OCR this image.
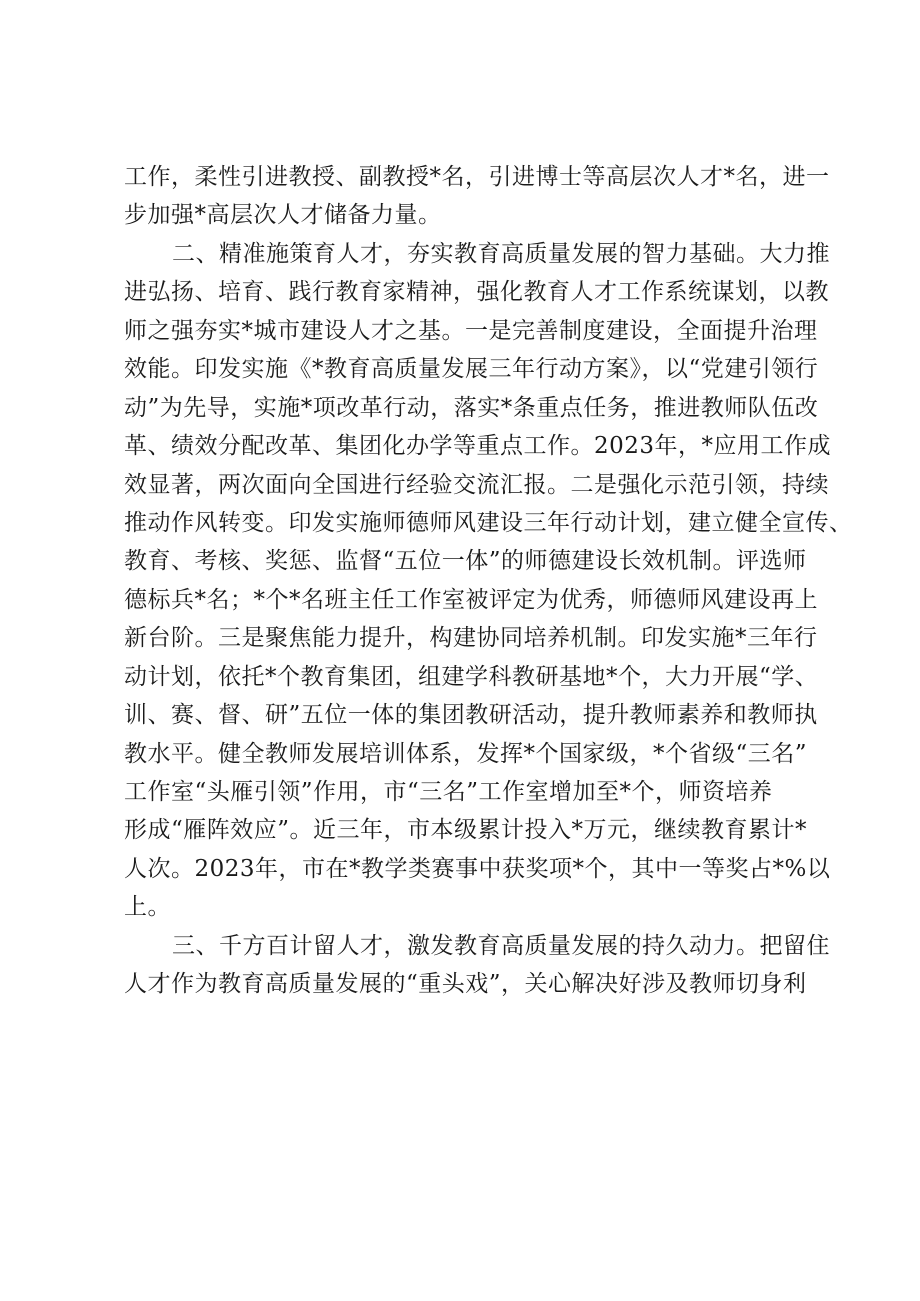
工作，柔性引进教授、副教授*名，引进博士等高层次人才*名，进一
步加强*高层次人才储备力量。
二、精准施策育人才，夯实教育高质量发展的智力基础。大力推
进弘扬、培育、践行教育家精神，强化教育人才工作系统谋划，以教
师之强夯实*城市建设人才之基。一是完善制度建设，全面提升治理
效能。印发实施《*教育高质量发展三年行动方案》，以“党建引领行
动”为先导，实施*项改革行动，落实*条重点任务，推进教师队伍改
革、绩效分配改革、集团化办学等重点工作。2023年，*应用工作成
效显著，两次面向全国进行经验交流汇报。二是强化示范引领，持续
推动作风转变。印发实施师德师风建设三年行动计划，建立健全宣传、
教育、考核、奖惩、监督“五位一体”的师德建设长效机制。评选师
德标兵*名；*个*名班主任工作室被评定为优秀，师德师风建设再上
新台阶。三是聚焦能力提升，构建协同培养机制。印发实施*三年行
动计划，依托*个教育集团，组建学科教研基地*个，大力开展“学、
训、赛、督、研”五位一体的集团教研活动，提升教师素养和教师执
教水平。健全教师发展培训体系，发挥*个国家级，*个省级“三名”
工作室“头雁引领”作用，市“三名”工作室增加至*个，师资培养
形成“雁阵效应”。近三年，市本级累计投入*万元，继续教育累计*
人次。2023年，市在*教学类赛事中获奖项*个，其中一等奖占*%以
上。
三、千方百计留人才，激发教育高质量发展的持久动力。把留住
人才作为教育高质量发展的“重头戏”，关心解决好涉及教师切身利
